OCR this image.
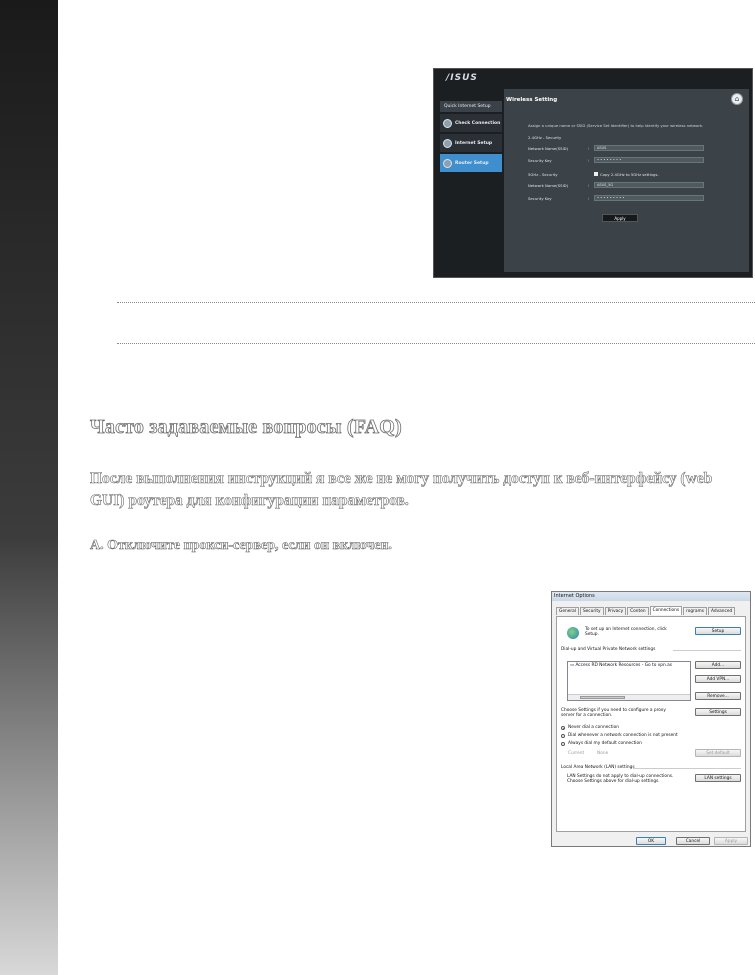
/ISUS
Quick Internet Setup
Check Connection
Internet Setup
Router Setup
Wireless Setting	⌂
Assign a unique name or SSID (Service Set Identifier) to help identify your wireless network.
2.4GHz - Security
Network Name(SSID)	!	ASUS
Security Key	!	• • • • • • • •
5GHz - Security	Copy 2.4GHz to 5GHz settings.
Network Name(SSID)	!	ASUS_5G
Security Key	!	• • • • • • • • •
Apply
Часто задаваемые вопросы (FAQ)
После выполнения инструкций я все же не могу получить доступ к веб-интерфейсу (web
GUI) роутера для конфигурации параметров.
A. Отключите прокси-сервер, если он включен.
Internet Options
General	Security	Privacy	Conten	Connections	rograms	Advanced
To set up an Internet connection, click
Setup.
Setup
Dial-up and Virtual Private Network settings
▭ Access RD Network Resources - Go to vpn.as	Add...
Add VPN...
Remove...
Choose Settings if you need to configure a proxy
server for a connection.
Settings
Never dial a connection
Dial whenever a network connection is not present
Always dial my default connection
Current	None	Set default
Local Area Network (LAN) settings
LAN Settings do not apply to dial-up connections.
Choose Settings above for dial-up settings.
LAN settings
OK	Cancel	Apply
